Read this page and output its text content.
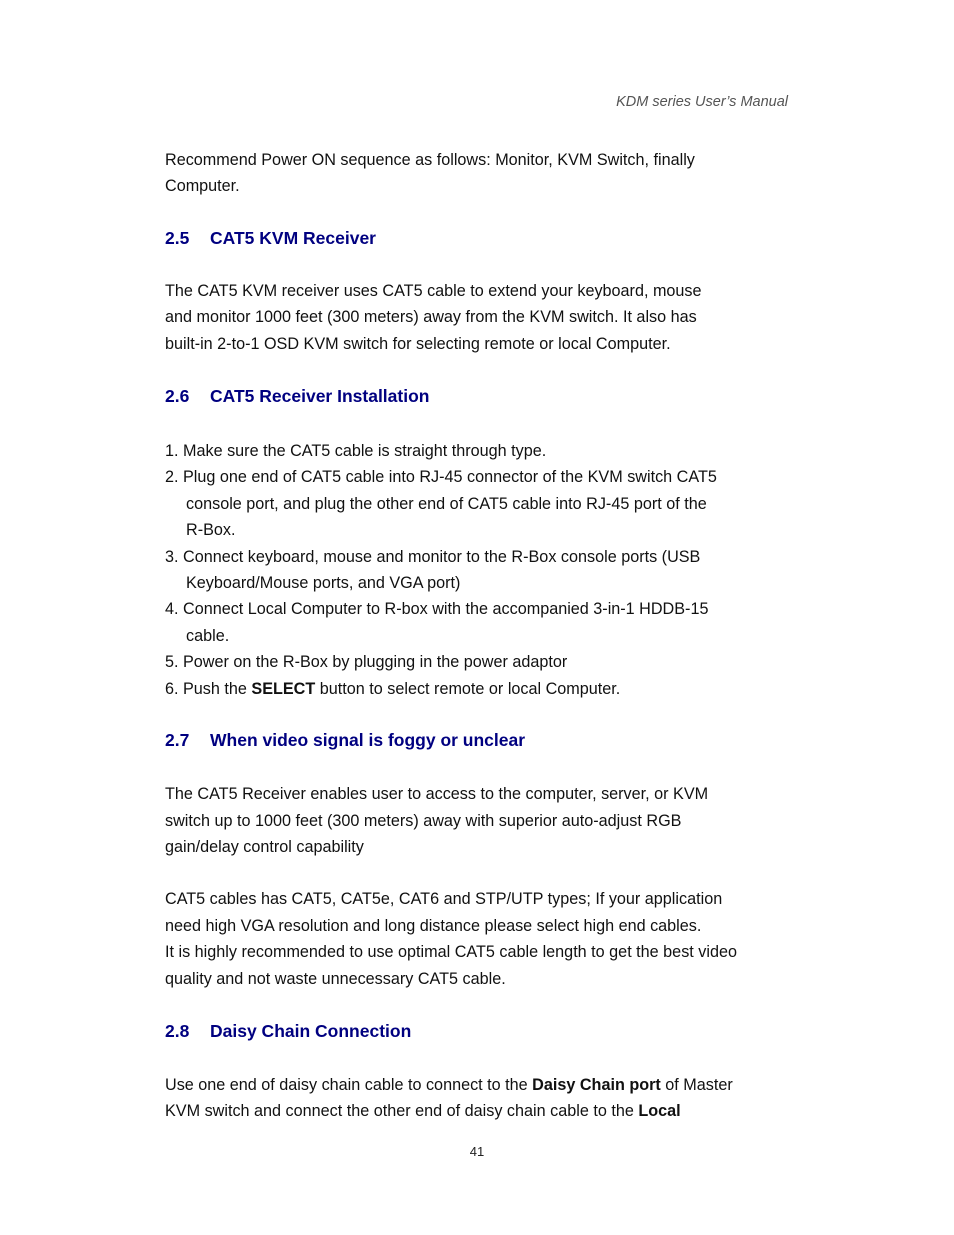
KDM series User’s Manual

Recommend Power ON sequence as follows: Monitor, KVM Switch, finally

Computer.

2.5 CAT5 KVM Receiver

The CAT5 KVM receiver uses CAT5 cable to extend your keyboard, mouse

and monitor 1000 feet (300 meters) away from the KVM switch. It also has

built-in 2-to-1 OSD KVM switch for selecting remote or local Computer.

2.6 CAT5 Receiver Installation
1. Make sure the CAT5 cable is straight through type.
2. Plug one end of CAT5 cable into RJ-45 connector of the KVM switch CAT5
console port, and plug the other end of CAT5 cable into RJ-45 port of the
R-Box.
3. Connect keyboard, mouse and monitor to the R-Box console ports (USB
Keyboard/Mouse ports, and VGA port)
4. Connect Local Computer to R-box with the accompanied 3-in-1 HDDB-15
cable.
5. Power on the R-Box by plugging in the power adaptor
6. Push the SELECT button to select remote or local Computer.
2.7 When video signal is foggy or unclear

The CAT5 Receiver enables user to access to the computer, server, or KVM

switch up to 1000 feet (300 meters) away with superior auto-adjust RGB

gain/delay control capability

CAT5 cables has CAT5, CAT5e, CAT6 and STP/UTP types; If your application

need high VGA resolution and long distance please select high end cables.

It is highly recommended to use optimal CAT5 cable length to get the best video

quality and not waste unnecessary CAT5 cable.

2.8 Daisy Chain Connection

Use one end of daisy chain cable to connect to the Daisy Chain port of Master

KVM switch and connect the other end of daisy chain cable to the Local

41
